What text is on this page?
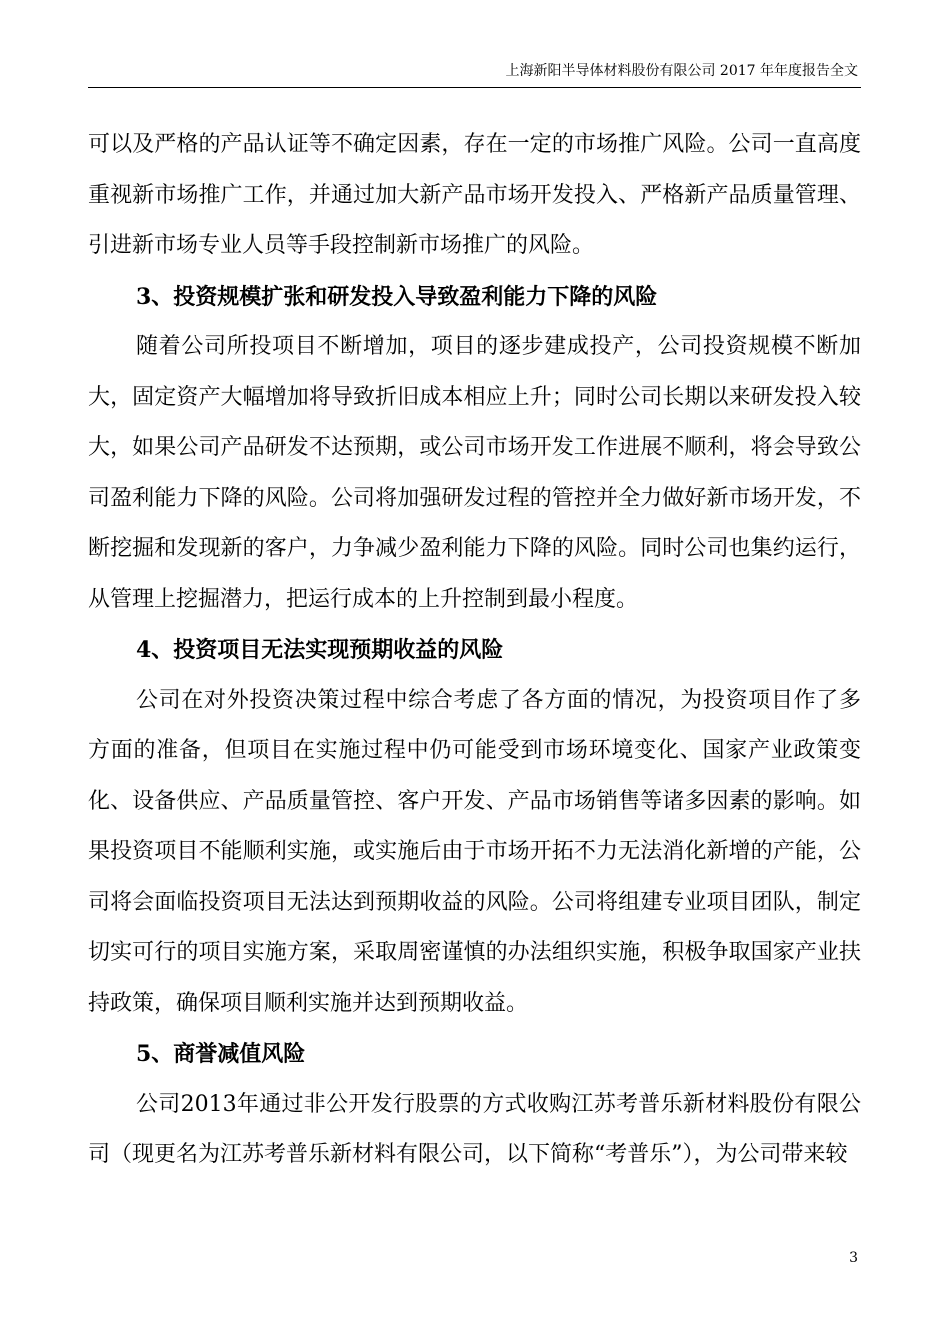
上海新阳半导体材料股份有限公司 2017 年年度报告全文

可以及严格的产品认证等不确定因素，存在一定的市场推广风险。公司一直高度重视新市场推广工作，并通过加大新产品市场开发投入、严格新产品质量管理、引进新市场专业人员等手段控制新市场推广的风险。

3、投资规模扩张和研发投入导致盈利能力下降的风险

随着公司所投项目不断增加，项目的逐步建成投产，公司投资规模不断加大，固定资产大幅增加将导致折旧成本相应上升；同时公司长期以来研发投入较大，如果公司产品研发不达预期，或公司市场开发工作进展不顺利，将会导致公司盈利能力下降的风险。公司将加强研发过程的管控并全力做好新市场开发，不断挖掘和发现新的客户，力争减少盈利能力下降的风险。同时公司也集约运行，从管理上挖掘潜力，把运行成本的上升控制到最小程度。

4、投资项目无法实现预期收益的风险

公司在对外投资决策过程中综合考虑了各方面的情况，为投资项目作了多方面的准备，但项目在实施过程中仍可能受到市场环境变化、国家产业政策变化、设备供应、产品质量管控、客户开发、产品市场销售等诸多因素的影响。如果投资项目不能顺利实施，或实施后由于市场开拓不力无法消化新增的产能，公司将会面临投资项目无法达到预期收益的风险。公司将组建专业项目团队，制定切实可行的项目实施方案，采取周密谨慎的办法组织实施，积极争取国家产业扶持政策，确保项目顺利实施并达到预期收益。

5、商誉减值风险

公司2013年通过非公开发行股票的方式收购江苏考普乐新材料股份有限公司（现更名为江苏考普乐新材料有限公司，以下简称“考普乐”），为公司带来较

3
